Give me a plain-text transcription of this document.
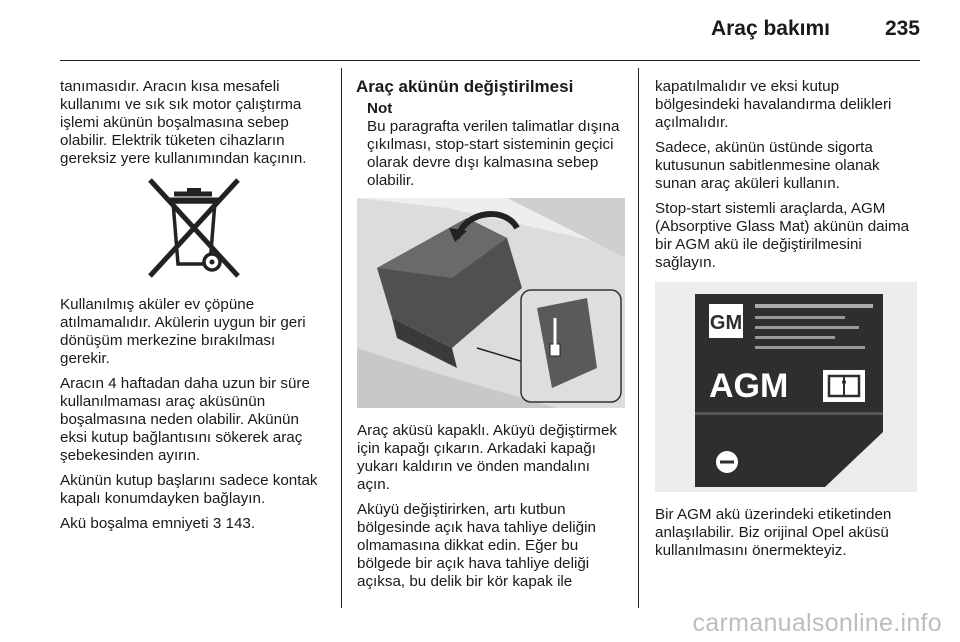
Araç bakımı	235

tanımasıdır. Aracın kısa mesafeli kullanımı ve sık sık motor çalıştırma işlemi akünün boşalmasına sebep olabilir. Elektrik tüketen cihazların gereksiz yere kullanımından kaçının.

Kullanılmış aküler ev çöpüne atılmamalıdır. Akülerin uygun bir geri dönüşüm merkezine bırakılması gerekir.

Aracın 4 haftadan daha uzun bir süre kullanılmaması araç aküsünün boşalmasına neden olabilir. Akünün eksi kutup bağlantısını sökerek araç şebekesinden ayırın.

Akünün kutup başlarını sadece kontak kapalı konumdayken bağlayın.

Akü boşalma emniyeti 3 143.

Araç akünün değiştirilmesi
Not
Bu paragrafta verilen talimatlar dışına çıkılması, stop-start sisteminin geçici olarak devre dışı kalmasına sebep olabilir.

Araç aküsü kapaklı. Aküyü değiştirmek için kapağı çıkarın. Arkadaki kapağı yukarı kaldırın ve önden mandalını açın.

Aküyü değiştirirken, artı kutbun bölgesinde açık hava tahliye deliğin olmamasına dikkat edin. Eğer bu bölgede bir açık hava tahliye deliği açıksa, bu delik bir kör kapak ile

kapatılmalıdır ve eksi kutup bölgesindeki havalandırma delikleri açılmalıdır.

Sadece, akünün üstünde sigorta kutusunun sabitlenmesine olanak sunan araç aküleri kullanın.

Stop-start sistemli araçlarda, AGM (Absorptive Glass Mat) akünün daima bir AGM akü ile değiştirilmesini sağlayın.

GM
AGM

Bir AGM akü üzerindeki etiketinden anlaşılabilir. Biz orijinal Opel aküsü kullanılmasını önermekteyiz.

carmanualsonline.info
